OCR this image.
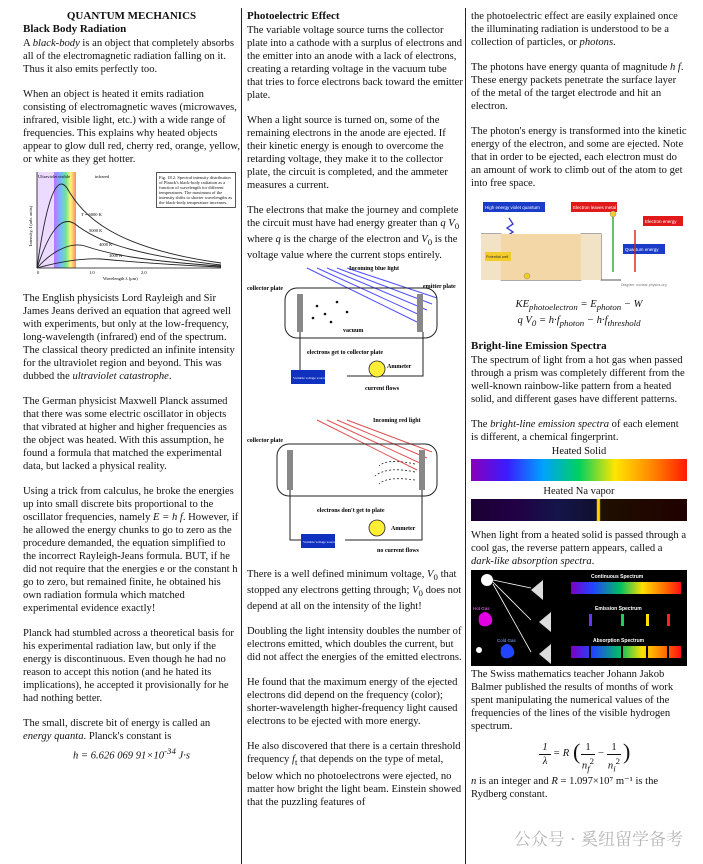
QUANTUM MECHANICS
Black Body Radiation

A black-body is an object that completely absorbs all of the electromagnetic radiation falling on it. Thus it also emits perfectly too.

When an object is heated it emits radiation consisting of electromagnetic waves (microwaves, infrared, visible light, etc.) with a wide range of frequencies. This explains why heated objects appear to glow dull red, cherry red, orange, yellow, or white as they get hotter.

Ultraviolet visible	infrared
T = 6000 K
5000 K
4000 K
3000 K
0	1.0	2.0
Wavelength λ (μm)
Intensity, I (arb. units)
Fig. 18.2. Spectral intensity distribution of Planck's black-body radiation as a function of wavelength for different temperatures. The maximum of the intensity shifts to shorter wavelengths as the black-body temperature increases.

The English physicists Lord Rayleigh and Sir James Jeans derived an equation that agreed well with experiments, but only at the low-frequency, long-wavelength (infrared) end of the spectrum. The classical theory predicted an infinite intensity for the ultraviolet region and beyond. This was dubbed the ultraviolet catastrophe.

The German physicist Maxwell Planck assumed that there was some electric oscillator in objects that vibrated at higher and higher frequencies as the object was heated. With this assumption, he found a formula that matched the experimental data, but lacked a physical reality.

Using a trick from calculus, he broke the energies up into small discrete bits proportional to the oscillator frequencies, namely E = h f. However, if he allowed the energy chunks to go to zero as the procedure demanded, the equation simplified to the incorrect Rayleigh-Jeans formula. BUT, if he did not require that the energies e or the constant h go to zero, but remained finite, he obtained his own radiation formula which matched experimental evidence exactly!

Planck had stumbled across a theoretical basis for his experimental radiation law, but only if the energy is discontinuous. Even though he had no reason to accept this notion (and he hated its implications), he accepted it provisionally for he had nothing better.

The small, discrete bit of energy is called an energy quanta. Planck's constant is

h = 6.626 069 $91\times 10^{-34}$ J·s
Photoelectric Effect

The variable voltage source turns the collector plate into a cathode with a surplus of electrons and the emitter into an anode with a lack of electrons, creating a retarding voltage in the vacuum tube that tries to force electrons back toward the emitter plate.

When a light source is turned on, some of the remaining electrons in the anode are ejected. If their kinetic energy is enough to overcome the retarding voltage, they make it to the collector plate, the circuit is completed, and the ammeter measures a current.

The electrons that make the journey and complete the circuit must have had energy greater than q $V_0$ where q is the charge of the electron and $V_0$ is the voltage value where the current stops entirely.

Incoming blue light
collector plate	emitter plate
vacuum
electrons get to collector plate
Ammeter
current flows
Variable voltage source
Incoming red light
collector plate
electrons don't get to plate
Ammeter
no current flows
Variable voltage source

There is a well defined minimum voltage, $V_0$ that stopped any electrons getting through; $V_0$ does not depend at all on the intensity of the light!

Doubling the light intensity doubles the number of electrons emitted, which doubles the current, but did not affect the energies of the emitted electrons.

He found that the maximum energy of the ejected electrons did depend on the frequency (color); shorter-wavelength higher-frequency light caused electrons to be ejected with more energy.

He also discovered that there is a certain threshold frequency $f_t$ that depends on the type of metal, below which no photoelectrons were ejected, no matter how bright the light beam. Einstein showed that the puzzling features of

the photoelectric effect are easily explained once the illuminating radiation is understood to be a collection of particles, or photons.

The photons have energy quanta of magnitude h f. These energy packets penetrate the surface layer of the metal of the target electrode and hit an electron.

The photon's energy is transformed into the kinetic energy of the electron, and some are ejected. Note that in order to be ejected, each electron must do an amount of work to climb out of the atom to get into free space.

High energy violet quantum	Electron leaves metal
Electron energy
Quantum energy
Potential well
Diagram: nuclear-physics.org
$KE_{photoelectron} = E_{photon} - W$
q $V_0 = h\cdot f_{photon} - h\cdot f_{threshold}$
Bright-line Emission Spectra

The spectrum of light from a hot gas when passed through a prism was completely different from the well-known rainbow-like pattern from a heated solid, and different gases have different patterns.

The bright-line emission spectra of each element is different, a chemical fingerprint.

Heated Solid
Heated Na vapor

When light from a heated solid is passed through a cool gas, the reverse pattern appears, called a dark-like absorption spectra.

Continuous Spectrum
Emission Spectrum
Absorption Spectrum
Hot Gas
Cold Gas

The Swiss mathematics teacher Johann Jakob Balmer published the results of months of work spent manipulating the numerical values of the frequencies of the lines of the visible hydrogen spectrum.

1
λ
= R ( 1
$n_f^2$
−
1
$n_i^2$ )

n is an integer and R = 1.097×10⁷ m⁻¹ is the Rydberg constant.

公众号 · 奚纽留学备考
